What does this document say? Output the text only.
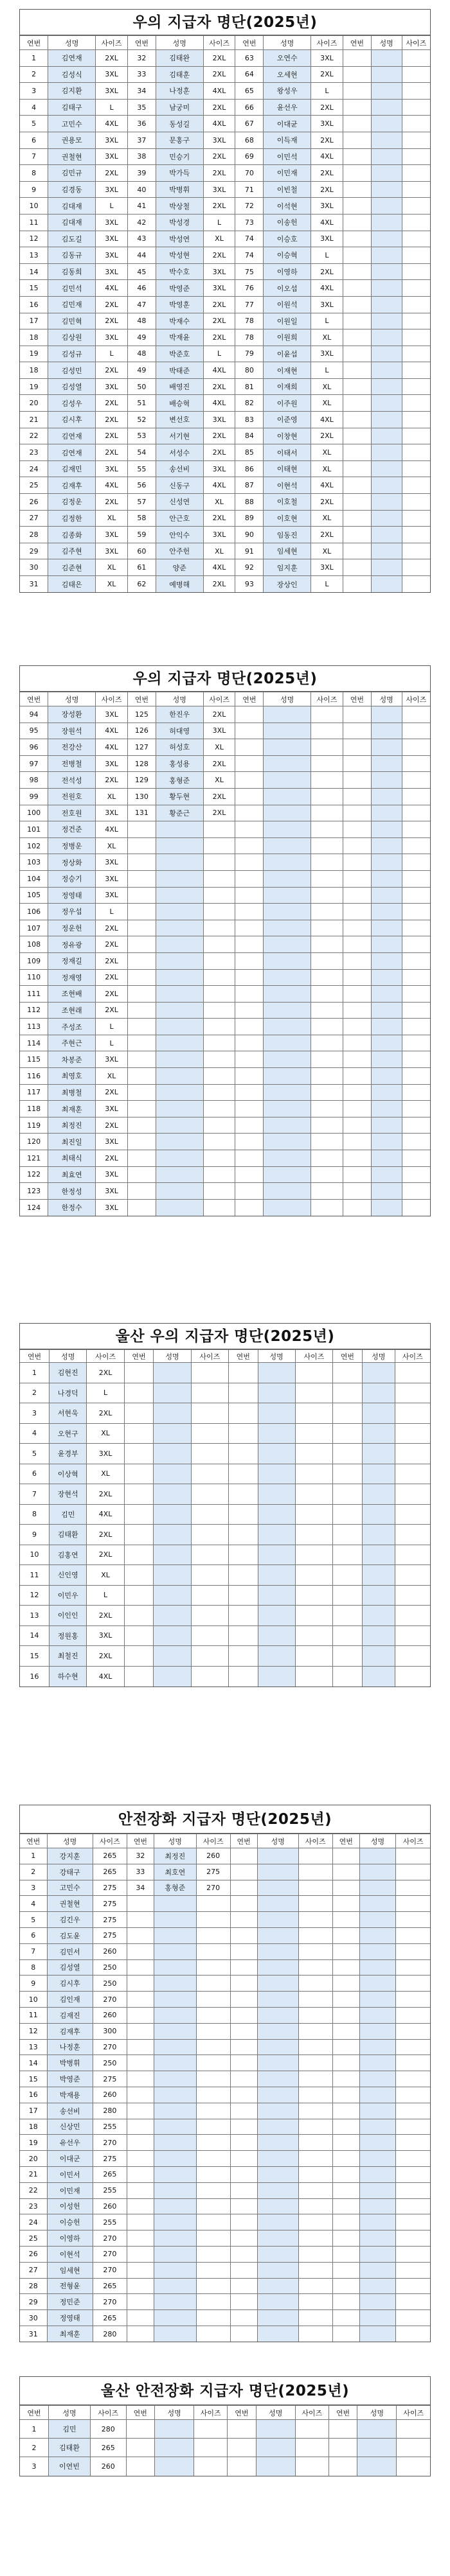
우의 지급자 명단(2025년)
연번	성명	사이즈	연번	성명	사이즈	연번	성명	사이즈	연번	성명	사이즈
1	김연재	2XL	32	김태완	2XL	63	오연수	3XL			
2	김성식	3XL	33	김태훈	2XL	64	오세현	2XL			
3	김지환	3XL	34	나정훈	4XL	65	왕성우	L			
4	김태구	L	35	남궁미	2XL	66	윤선우	2XL			
5	고민수	4XL	36	동성길	4XL	67	이대균	3XL			
6	권용모	3XL	37	문홍구	3XL	68	이득재	2XL			
7	권철현	3XL	38	민승기	2XL	69	이민석	4XL			
8	김민규	2XL	39	박가득	2XL	70	이민재	2XL			
9	김경동	3XL	40	박병휘	3XL	71	이빈철	2XL			
10	김대재	L	41	박상철	2XL	72	이석현	3XL			
11	김대재	3XL	42	박성경	L	73	이송헌	4XL			
12	김도길	3XL	43	박성연	XL	74	이승호	3XL			
13	김동규	3XL	44	박성현	2XL	74	이승혁	L			
14	김동희	3XL	45	박수호	3XL	75	이영하	2XL			
15	김민석	4XL	46	박영준	3XL	76	이오섭	4XL			
16	김민재	2XL	47	박영훈	2XL	77	이원석	3XL			
17	김민혁	2XL	48	박재수	2XL	78	이원일	L			
18	김상원	3XL	49	박재윤	2XL	78	이원희	XL			
19	김성규	L	48	박준호	L	79	이윤섭	3XL			
18	김성민	2XL	49	박태준	4XL	80	이재현	L			
19	김성열	3XL	50	배영진	2XL	81	이재희	XL			
20	김성우	2XL	51	배승혁	4XL	82	이주원	XL			
21	김시후	2XL	52	변선호	3XL	83	이준영	4XL			
22	김연재	2XL	53	서기현	2XL	84	이창현	2XL			
23	김연재	2XL	54	서성수	2XL	85	이태서	XL			
24	김재민	3XL	55	송선비	3XL	86	이태현	XL			
25	김재후	4XL	56	신동구	4XL	87	이현석	4XL			
26	김정운	2XL	57	신성연	XL	88	이호철	2XL			
27	김정한	XL	58	안근호	2XL	89	이호현	XL			
28	김종화	3XL	59	안익수	3XL	90	임동진	2XL			
29	김주현	3XL	60	안주헌	XL	91	임세현	XL			
30	김준현	XL	61	양준	4XL	92	임지훈	3XL			
31	김태은	XL	62	예병해	2XL	93	장상인	L			
우의 지급자 명단(2025년)
연번	성명	사이즈	연번	성명	사이즈	연번	성명	사이즈	연번	성명	사이즈
94	장성환	3XL	125	한진우	2XL						
95	장원석	4XL	126	허대영	3XL						
96	전강산	4XL	127	허성호	XL						
97	전병철	3XL	128	홍성용	2XL						
98	전석성	2XL	129	홍형준	XL						
99	전원호	XL	130	황두현	2XL						
100	전호원	3XL	131	황준근	2XL						
101	정건준	4XL									
102	정병운	XL									
103	정상화	3XL									
104	정승기	3XL									
105	정영태	3XL									
106	정우섭	L									
107	정운헌	2XL									
108	정유광	2XL									
109	정재길	2XL									
110	정재영	2XL									
111	조현배	2XL									
112	조현래	2XL									
113	주성조	L									
114	주현근	L									
115	차봉준	3XL									
116	최영호	XL									
117	최병철	2XL									
118	최재훈	3XL									
119	최정진	2XL									
120	최진일	3XL									
121	최태식	2XL									
122	최효연	3XL									
123	한정성	3XL									
124	한정수	3XL									
울산 우의 지급자 명단(2025년)
연번	성명	사이즈	연번	성명	사이즈	연번	성명	사이즈	연번	성명	사이즈
1	김현진	2XL									
2	나경덕	L									
3	서현욱	2XL									
4	오현구	XL									
5	윤경부	3XL									
6	이상혁	XL									
7	장현석	2XL									
8	김민	4XL									
9	김태환	2XL									
10	김홍연	2XL									
11	신인영	XL									
12	이민우	L									
13	이인인	2XL									
14	정원홍	3XL									
15	최철진	2XL									
16	하수현	4XL									
안전장화 지급자 명단(2025년)
연번	성명	사이즈	연번	성명	사이즈	연번	성명	사이즈	연번	성명	사이즈
1	강지훈	265	32	최정진	260						
2	강태구	265	33	최호연	275						
3	고민수	275	34	홍형준	270						
4	권철현	275									
5	김긴우	275									
6	김도윤	275									
7	김민서	260									
8	김성열	250									
9	김시후	250									
10	김인재	270									
11	김재진	260									
12	김재후	300									
13	나정훈	270									
14	박병휘	250									
15	박영준	275									
16	박재용	260									
17	송선비	280									
18	신상민	255									
19	유선우	270									
20	이대군	275									
21	이민서	265									
22	이민재	255									
23	이성헌	260									
24	이승헌	255									
25	이영하	270									
26	이현석	270									
27	임세현	270									
28	전형윤	265									
29	정민준	270									
30	정영태	265									
31	최재훈	280									
울산 안전장화 지급자 명단(2025년)
연번	성명	사이즈	연번	성명	사이즈	연번	성명	사이즈	연번	성명	사이즈
1	김민	280									
2	김태환	265									
3	이연빈	260									
